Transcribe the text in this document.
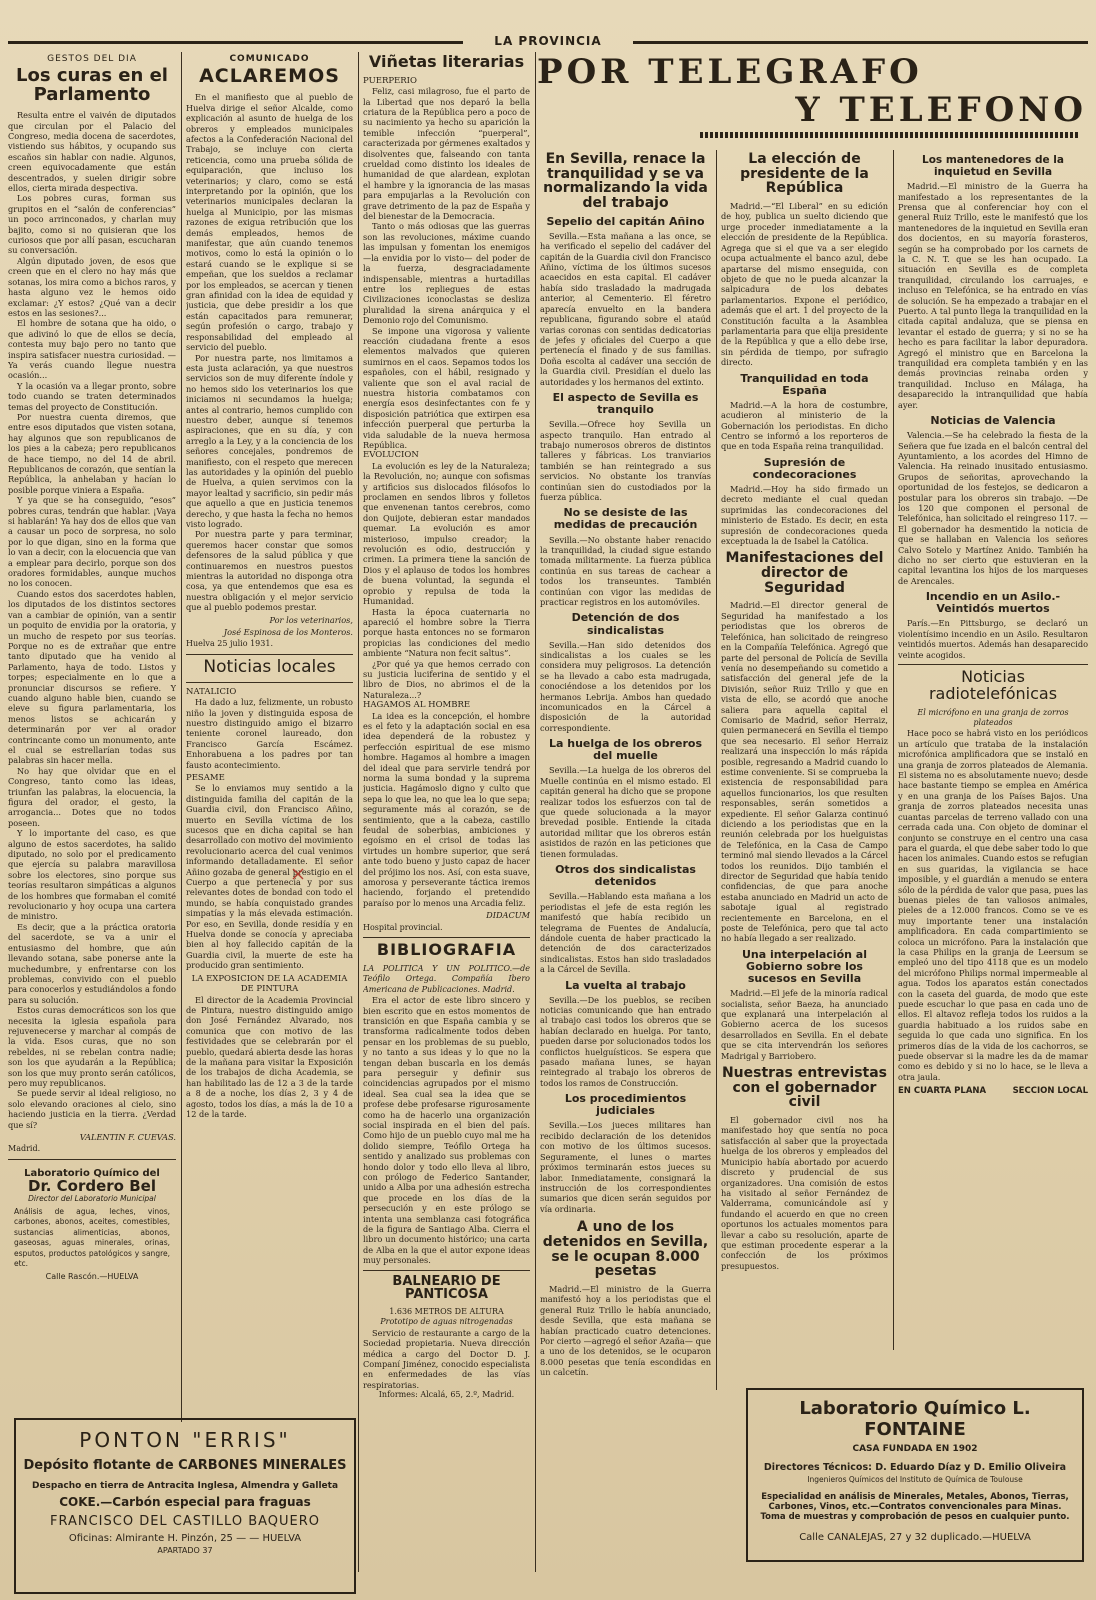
LA PROVINCIA
GESTOS DEL DIA
Los curas en el Parlamento

Resulta entre el vaivén de diputados que circulan por el Palacio del Congreso, media docena de sacerdotes, vistiendo sus hábitos, y ocupando sus escaños sin hablar con nadie. Algunos, creen equivocadamente que están descentrados, y suelen dirigir sobre ellos, cierta mirada despectiva.

Los pobres curas, forman sus grupitos en el “salón de conferencias” un poco arrinconados, y charlan muy bajito, como si no quisieran que los curiosos que por allí pasan, escucharan su conversación.

Algún diputado joven, de esos que creen que en el clero no hay más que sotanas, los mira como a bichos raros, y hasta alguno vez le hemos oido exclamar: ¿Y estos? ¿Qué van a decir estos en las sesiones?...

El hombre de sotana que ha oido, o que adivinó lo que de ellos se decía, contesta muy bajo pero no tanto que inspira satisfacer nuestra curiosidad. —Ya verás cuando llegue nuestra ocasión...

Y la ocasión va a llegar pronto, sobre todo cuando se traten determinados temas del proyecto de Constitución.

Por nuestra cuenta diremos, que entre esos diputados que visten sotana, hay algunos que son republicanos de los pies a la cabeza; pero republicanos de hace tiempo, no del 14 de abril. Republicanos de corazón, que sentían la República, la anhelaban y hacían lo posible porque viniera a España.

Y ya que se ha conseguido, “esos” pobres curas, tendrán que hablar. ¡Vaya si hablarán! Ya hay dos de ellos que van a causar un poco de sorpresa, no solo por lo que digan, sino en la forma que lo van a decir, con la elocuencia que van a emplear para decirlo, porque son dos oradores formidables, aunque muchos no los conocen.

Cuando estos dos sacerdotes hablen, los diputados de los distintos sectores van a cambiar de opinión, van a sentir un poquito de envidia por la oratoria, y un mucho de respeto por sus teorías. Porque no es de extrañar que entre tanto diputado que ha venido al Parlamento, haya de todo. Listos y torpes; especialmente en lo que a pronunciar discursos se refiere. Y cuando alguno hable bien, cuando se eleve su figura parlamentaria, los menos listos se achicarán y determinarán por ver al orador contrincante como un monumento, ante el cual se estrellarían todas sus palabras sin hacer mella.

No hay que olvidar que en el Congreso, tanto como las ideas, triunfan las palabras, la elocuencia, la figura del orador, el gesto, la arrogancia... Dotes que no todos poseen.

Y lo importante del caso, es que alguno de estos sacerdotes, ha salido diputado, no solo por el predicamento que ejercía su palabra maravillosa sobre los electores, sino porque sus teorías resultaron simpáticas a algunos de los hombres que formaban el comité revolucionario y hoy ocupa una cartera de ministro.

Es decir, que a la práctica oratoria del sacerdote, se va a unir el entusiasmo del hombre, que aún llevando sotana, sabe ponerse ante la muchedumbre, y enfrentarse con los problemas, convivido con el pueblo para conocerlos y estudiándolos a fondo para su solución.

Estos curas democráticos son los que necesita la iglesia española para rejuvenecerse y marchar al compás de la vida. Esos curas, que no son rebeldes, ni se rebelan contra nadie; son los que ayudarán a la República; son los que muy pronto serán católicos, pero muy republicanos.

Se puede servir al ideal religioso, no solo elevando oraciones al cielo, sino haciendo justicia en la tierra. ¿Verdad que sí?

VALENTIN F. CUEVAS.
Madrid.
Laboratorio Químico del
Dr. Cordero Bel
Director del Laboratorio Municipal
Análisis de agua, leches, vinos, carbones, abonos, aceites, comestibles, sustancias alimenticias, abonos, gaseosas, aguas minerales, orinas, esputos, productos patológicos y sangre, etc.
Calle Rascón.—HUELVA
COMUNICADO
ACLAREMOS

En el manifiesto que al pueblo de Huelva dirige el señor Alcalde, como explicación al asunto de huelga de los obreros y empleados municipales afectos a la Confederación Nacional del Trabajo, se incluye con cierta reticencia, como una prueba sólida de equiparación, que incluso los veterinarios; y claro, como se está interpretando por la opinión, que los veterinarios municipales declaran la huelga al Municipio, por las mismas razones de exigua retribución que los demás empleados, hemos de manifestar, que aún cuando tenemos motivos, como lo está la opinión o lo estará cuando se le explique si se empeñan, que los sueldos a reclamar por los empleados, se acercan y tienen gran afinidad con la idea de equidad y justicia, que debe presidir a los que están capacitados para remunerar, según profesión o cargo, trabajo y responsabilidad del empleado al servicio del pueblo.

Por nuestra parte, nos limitamos a esta justa aclaración, ya que nuestros servicios son de muy diferente índole y no hemos sido los veterinarios los que iniciamos ni secundamos la huelga; antes al contrario, hemos cumplido con nuestro deber, aunque sí tenemos aspiraciones, que en su día, y con arreglo a la Ley, y a la conciencia de los señores concejales, pondremos de manifiesto, con el respeto que merecen las autoridades y la opinión del pueblo de Huelva, a quien servimos con la mayor lealtad y sacrificio, sin pedir más que aquello a que en justicia tenemos derecho, y que hasta la fecha no hemos visto logrado.

Por nuestra parte y para terminar, queremos hacer constar que somos defensores de la salud pública y que continuaremos en nuestros puestos mientras la autoridad no disponga otra cosa, ya que entendemos que esa es nuestra obligación y el mejor servicio que al pueblo podemos prestar.

Por los veterinarios,
José Espinosa de los Monteros.
Huelva 25 julio 1931.
Noticias locales
NATALICIO

Ha dado a luz, felizmente, un robusto niño la joven y distinguida esposa de nuestro distinguido amigo el bizarro teniente coronel laureado, don Francisco García Escámez. Enhorabuena a los padres por tan fausto acontecimiento.

PESAME

Se lo enviamos muy sentido a la distinguida familia del capitán de la Guardia civil, don Francisco Añino, muerto en Sevilla víctima de los sucesos que en dicha capital se han desarrollado con motivo del movimiento revolucionario acerca del cual venimos informando detalladamente. El señor Añino gozaba de general prestigio en el Cuerpo a que pertenecía y por sus relevantes dotes de bondad con todo el mundo, se había conquistado grandes simpatías y la más elevada estimación. Por eso, en Sevilla, donde residía y en Huelva donde se conocía y apreciaba bien al hoy fallecido capitán de la Guardia civil, la muerte de este ha producido gran sentimiento.

LA EXPOSICION DE LA ACADEMIA DE PINTURA

El director de la Academia Provincial de Pintura, nuestro distinguido amigo don José Fernández Alvarado, nos comunica que con motivo de las festividades que se celebrarán por el pueblo, quedará abierta desde las horas de la mañana para visitar la Exposición de los trabajos de dicha Academia, se han habilitado las de 12 a 3 de la tarde a 8 de a noche, los días 2, 3 y 4 de agosto, todos los días, a más la de 10 a 12 de la tarde.

Viñetas literarias
PUERPERIO

Feliz, casi milagroso, fue el parto de la Libertad que nos deparó la bella criatura de la República pero a poco de su nacimiento ya hecho su aparición la temible infección “puerperal”, caracterizada por gérmenes exaltados y disolventes que, falseando con tanta crueldad como distinto los ideales de humanidad de que alardean, explotan el hambre y la ignorancia de las masas para empujarlas a la Revolución con grave detrimento de la paz de España y del bienestar de la Democracia.

Tanto o más odiosas que las guerras son las revoluciones, máxime cuando las impulsan y fomentan los enemigos —la envidia por lo visto— del poder de la fuerza, desgraciadamente indispensable, mientras a hurtadillas entre los repliegues de estas Civilizaciones iconoclastas se desliza pluralidad la sirena anárquica y el Demonio rojo del Comunismo.

Se impone una vigorosa y valiente reacción ciudadana frente a esos elementos malvados que quieren sumirnos en el caos. Sepamos todos los españoles, con el hábil, resignado y valiente que son el aval racial de nuestra historia combatamos con energía esos desinfectantes con fe y disposición patriótica que extirpen esa infección puerperal que perturba la vida saludable de la nueva hermosa República.

EVOLUCION

La evolución es ley de la Naturaleza; la Revolución, no; aunque con sofismas y artificios sus dislocados filósofos lo proclamen en sendos libros y folletos que envenenan tantos cerebros, como don Quijote, debieran estar mandados quemar. La evolución es amor misterioso, impulso creador; la revolución es odio, destrucción y crimen. La primera tiene la sanción de Dios y el aplauso de todos los hombres de buena voluntad, la segunda el oprobio y repulsa de toda la Humanidad.

Hasta la época cuaternaria no apareció el hombre sobre la Tierra porque hasta entonces no se formaron propicias las condiciones del medio ambiente “Natura non fecit saltus”.

¿Por qué ya que hemos cerrado con su justicia luciferina de sentido y el libro de Dios, no abrimos el de la Naturaleza...?

HAGAMOS AL HOMBRE

La idea es la concepción, el hombre es el feto y la adaptación social en esa idea dependerá de la robustez y perfección espiritual de ese mismo hombre. Hagamos al hombre a imagen del ideal que para servirle tendrá por norma la suma bondad y la suprema justicia. Hagámoslo digno y culto que sepa lo que lea, no que lea lo que sepa; seguramente más al corazón, se de sentimiento, que a la cabeza, castillo feudal de soberbias, ambiciones y egoísmo en el crisol de todas las virtudes un hombre superior, que será ante todo bueno y justo capaz de hacer del prójimo los nos. Así, con esta suave, amorosa y perseverante táctica iremos haciendo, forjando el pretendido paraíso por lo menos una Arcadia feliz.

DIDACUM
Hospital provincial.
BIBLIOGRAFIA
LA POLITICA Y UN POLITICO.—de Teófilo Ortega. Compañía Ibero Americana de Publicaciones. Madrid.

Era el actor de este libro sincero y bien escrito que en estos momentos de transición en que España cambia y se transforma radicalmente todos deben pensar en los problemas de su pueblo, y no tanto a sus ideas y lo que no la tengan deban buscarla en los demás para perseguir y definir sus coincidencias agrupados por el mismo ideal. Sea cual sea la idea que se profese debe profesarse rigurosamente como ha de hacerlo una organización social inspirada en el bien del país. Como hijo de un pueblo cuyo mal me ha dolido siempre, Teófilo Ortega ha sentido y analizado sus problemas con hondo dolor y todo ello lleva al libro, con prólogo de Federico Santander, unido a Alba por una adhesión estrecha que procede en los días de la persecución y en este prólogo se intenta una semblanza casi fotográfica de la figura de Santiago Alba. Cierra el libro un documento histórico; una carta de Alba en la que el autor expone ideas muy personales.

BALNEARIO DE PANTICOSA
1.636 METROS DE ALTURA
Prototipo de aguas nitrogenadas

Servicio de restaurante a cargo de la Sociedad propietaria. Nueva dirección médica a cargo del Doctor D. J. Companí Jiménez, conocido especialista en enfermedades de las vías respiratorias.

Informes: Alcalá, 65, 2.º, Madrid.
POR TELEGRAFO
Y TELEFONO
En Sevilla, renace la tranquilidad y se va normalizando la vida del trabajo
Sepelio del capitán Añino

Sevilla.—Esta mañana a las once, se ha verificado el sepelio del cadáver del capitán de la Guardia civil don Francisco Añino, víctima de los últimos sucesos acaecidos en esta capital. El cadáver había sido trasladado la madrugada anterior, al Cementerio. El féretro aparecía envuelto en la bandera republicana, figurando sobre el ataúd varias coronas con sentidas dedicatorias de jefes y oficiales del Cuerpo a que pertenecía el finado y de sus familias. Doña escolta al cadáver una sección de la Guardia civil. Presidían el duelo las autoridades y los hermanos del extinto.

El aspecto de Sevilla es tranquilo

Sevilla.—Ofrece hoy Sevilla un aspecto tranquilo. Han entrado al trabajo numerosos obreros de distintos talleres y fábricas. Los tranviarios también se han reintegrado a sus servicios. No obstante los tranvías continúan sien do custodiados por la fuerza pública.

No se desiste de las medidas de precaución

Sevilla.—No obstante haber renacido la tranquilidad, la ciudad sigue estando tomada militarmente. La fuerza pública continúa en sus tareas de cachear a todos los transeuntes. También continúan con vigor las medidas de practicar registros en los automóviles.

Detención de dos sindicalistas

Sevilla.—Han sido detenidos dos sindicalistas a los cuales se les considera muy peligrosos. La detención se ha llevado a cabo esta madrugada, conociéndose a los detenidos por los hermanos Lebrija. Ambos han quedado incomunicados en la Cárcel a disposición de la autoridad correspondiente.

La huelga de los obreros del muelle

Sevilla.—La huelga de los obreros del Muelle continúa en el mismo estado. El capitán general ha dicho que se propone realizar todos los esfuerzos con tal de que quede solucionada a la mayor brevedad posible. Entiende la citada autoridad militar que los obreros están asistidos de razón en las peticiones que tienen formuladas.

Otros dos sindicalistas detenidos

Sevilla.—Hablando esta mañana a los periodistas el jefe de esta región les manifestó que había recibido un telegrama de Fuentes de Andalucía, dándole cuenta de haber practicado la detención de dos caracterizados sindicalistas. Estos han sido trasladados a la Cárcel de Sevilla.

La vuelta al trabajo

Sevilla.—De los pueblos, se reciben noticias comunicando que han entrado al trabajo casi todos los obreros que se habían declarado en huelga. Por tanto, pueden darse por solucionados todos los conflictos huelguísticos. Se espera que pasado mañana lunes, se hayan reintegrado al trabajo los obreros de todos los ramos de Construcción.

Los procedimientos judiciales

Sevilla.—Los jueces militares han recibido declaración de los detenidos con motivo de los últimos sucesos. Seguramente, el lunes o martes próximos terminarán estos jueces su labor. Inmediatamente, consignará la instrucción de los correspondientes sumarios que dicen serán seguidos por vía ordinaria.

A uno de los detenidos en Sevilla, se le ocupan 8.000 pesetas

Madrid.—El ministro de la Guerra manifestó hoy a los periodistas que el general Ruiz Trillo le había anunciado, desde Sevilla, que esta mañana se habían practicado cuatro detenciones. Por cierto —agregó el señor Azaña— que a uno de los detenidos, se le ocuparon 8.000 pesetas que tenía escondidas en un calcetín.

La elección de presidente de la República

Madrid.—“El Liberal” en su edición de hoy, publica un suelto diciendo que urge proceder inmediatamente a la elección de presidente de la República. Agrega que si el que va a ser elegido ocupa actualmente el banco azul, debe apartarse del mismo enseguida, con objeto de que no le pueda alcanzar la salpicadura de los debates parlamentarios. Expone el periódico, además que el art. 1 del proyecto de la Constitución faculta a la Asamblea parlamentaria para que elija presidente de la República y que a ello debe irse, sin pérdida de tiempo, por sufragio directo.

Tranquilidad en toda España

Madrid.—A la hora de costumbre, acudieron al ministerio de la Gobernación los periodistas. En dicho Centro se informó a los reporteros de que en toda España reina tranquilidad.

Supresión de condecoraciones

Madrid.—Hoy ha sido firmado un decreto mediante el cual quedan suprimidas las condecoraciones del ministerio de Estado. Es decir, en esta supresión de condecoraciones queda exceptuada la de Isabel la Católica.

Manifestaciones del director de Seguridad

Madrid.—El director general de Seguridad ha manifestado a los periodistas que los obreros de Telefónica, han solicitado de reingreso en la Compañía Telefónica. Agregó que parte del personal de Policía de Sevilla venía no desempeñando su cometido a satisfacción del general jefe de la División, señor Ruiz Trillo y que en vista de ello, se acordó que anoche saliera para aquella capital el Comisario de Madrid, señor Herraiz, quien permanecerá en Sevilla el tiempo que sea necesario. El señor Herraiz realizará una inspección lo más rápida posible, regresando a Madrid cuando lo estime conveniente. Si se comprueba la existencia de responsabilidad para aquellos funcionarios, los que resulten responsables, serán sometidos a expediente. El señor Galarza continuó diciendo a los periodistas que en la reunión celebrada por los huelguistas de Telefónica, en la Casa de Campo terminó mal siendo llevados a la Cárcel todos los reunidos. Dijo también el director de Seguridad que había tenido confidencias, de que para anoche estaba anunciado en Madrid un acto de sabotaje igual al registrado recientemente en Barcelona, en el poste de Telefónica, pero que tal acto no había llegado a ser realizado.

Una interpelación al Gobierno sobre los sucesos en Sevilla

Madrid.—El jefe de la minoría radical socialista, señor Baeza, ha anunciado que explanará una interpelación al Gobierno acerca de los sucesos desarrollados en Sevilla. En el debate que se cita intervendrán los señores Madrigal y Barriobero.

Nuestras entrevistas con el gobernador civil

El gobernador civil nos ha manifestado hoy que sentía no poca satisfacción al saber que la proyectada huelga de los obreros y empleados del Municipio había abortado por acuerdo discreto y prudencial de sus organizadores. Una comisión de estos ha visitado al señor Fernández de Valderrama, comunicándole así y fundando el acuerdo en que no creen oportunos los actuales momentos para llevar a cabo su resolución, aparte de que estiman procedente esperar a la confección de los próximos presupuestos.

Los mantenedores de la inquietud en Sevilla

Madrid.—El ministro de la Guerra ha manifestado a los representantes de la Prensa que al conferenciar hoy con el general Ruiz Trillo, este le manifestó que los mantenedores de la inquietud en Sevilla eran dos docientos, en su mayoría forasteros, según se ha comprobado por los carnets de la C. N. T. que se les han ocupado. La situación en Sevilla es de completa tranquilidad, circulando los carruajes, e incluso en Telefónica, se ha entrado en vías de solución. Se ha empezado a trabajar en el Puerto. A tal punto llega la tranquilidad en la citada capital andaluza, que se piensa en levantar el estado de guerra; y si no se ha hecho es para facilitar la labor depuradora. Agregó el ministro que en Barcelona la tranquilidad era completa también y en las demás provincias reinaba orden y tranquilidad. Incluso en Málaga, ha desaparecido la intranquilidad que había ayer.

Noticias de Valencia

Valencia.—Se ha celebrado la fiesta de la Señera que fue izada en el balcón central del Ayuntamiento, a los acordes del Himno de Valencia. Ha reinado inusitado entusiasmo. Grupos de señoritas, aprovechando la oportunidad de los festejos, se dedicaron a postular para los obreros sin trabajo. —De los 120 que componen el personal de Telefónica, han solicitado el reingreso 117. —El gobernador ha desmentido la noticia de que se hallaban en Valencia los señores Calvo Sotelo y Martínez Anido. También ha dicho no ser cierto que estuvieran en la capital levantina los hijos de los marqueses de Arencales.

Incendio en un Asilo.-Veintidós muertos

París.—En Pittsburgo, se declaró un violentísimo incendio en un Asilo. Resultaron veintidós muertos. Además han desaparecido veinte acogidos.

Noticias radiotelefónicas
El micrófono en una granja de zorros plateados

Hace poco se habrá visto en los periódicos un artículo que trataba de la instalación microfónica amplificadora que se instaló en una granja de zorros plateados de Alemania. El sistema no es absolutamente nuevo; desde hace bastante tiempo se emplea en América y en una granja de los Países Bajos. Una granja de zorros plateados necesita unas cuantas parcelas de terreno vallado con una cerrada cada una. Con objeto de dominar el conjunto se construye en el centro una casa para el guarda, el que debe saber todo lo que hacen los animales. Cuando estos se refugian en sus guaridas, la vigilancia se hace imposible, y el guardián a menudo se entera sólo de la pérdida de valor que pasa, pues las buenas pieles de tan valiosos animales, pieles de a 12.000 francos. Como se ve es muy importante tener una instalación amplificadora. En cada compartimiento se coloca un micrófono. Para la instalación que la casa Philips en la granja de Leersum se empleó uno del tipo 4118 que es un modelo del micrófono Philips normal impermeable al agua. Todos los aparatos están conectados con la caseta del guarda, de modo que este puede escuchar lo que pasa en cada uno de ellos. El altavoz refleja todos los ruidos a la guardia habituado a los ruidos sabe en seguida lo que cada uno significa. En los primeros días de la vida de los cachorros, se puede observar si la madre les da de mamar como es debido y si no lo hace, se le lleva a otra jaula.

EN CUARTA PLANA	SECCION LOCAL
PONTON "ERRIS"
Depósito flotante de CARBONES MINERALES
Despacho en tierra de Antracita Inglesa, Almendra y Galleta
COKE.—Carbón especial para fraguas
FRANCISCO DEL CASTILLO BAQUERO
Oficinas: Almirante H. Pinzón, 25 — — HUELVA
APARTADO 37
Laboratorio Químico L. FONTAINE
CASA FUNDADA EN 1902
Directores Técnicos: D. Eduardo Díaz y D. Emilio Oliveira
Ingenieros Químicos del Instituto de Química de Toulouse
Especialidad en análisis de Minerales, Metales, Abonos, Tierras, Carbones, Vinos, etc.—Contratos convencionales para Minas. Toma de muestras y comprobación de pesos en cualquier punto.
Calle CANALEJAS, 27 y 32 duplicado.—HUELVA
